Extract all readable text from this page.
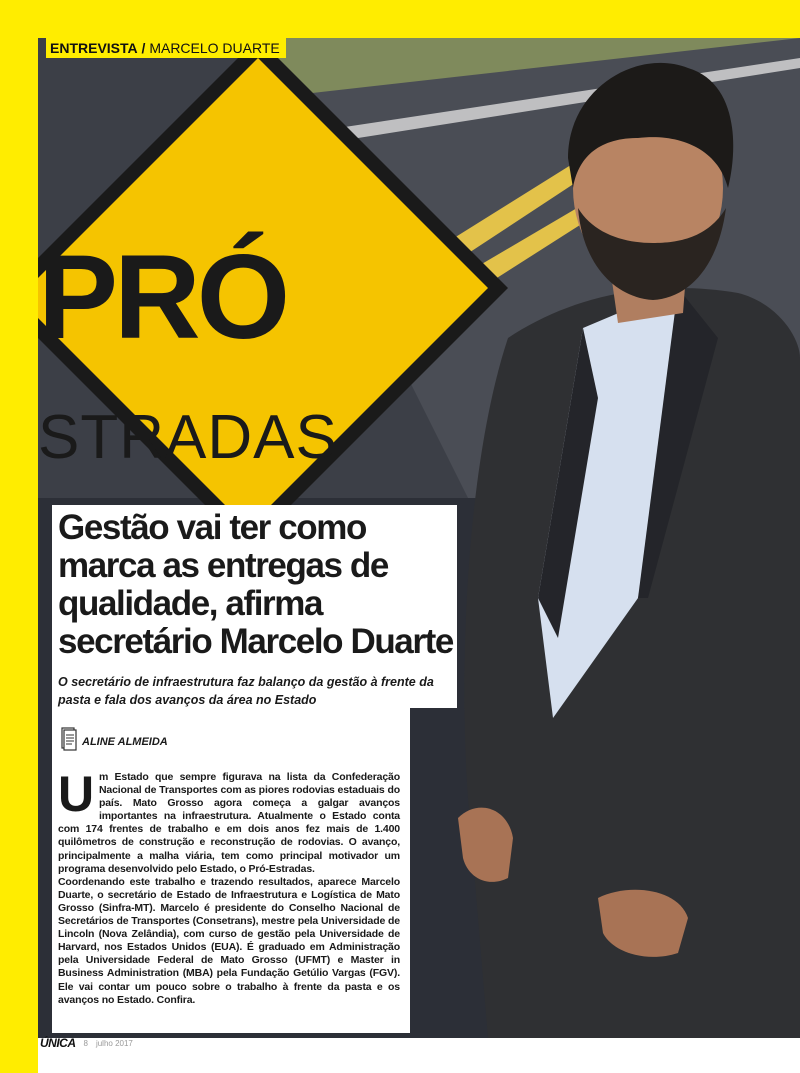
PRÓ
STRADAS
ENTREVISTA / MARCELO DUARTE
Gestão vai ter como marca as entregas de qualidade, afirma secretário Marcelo Duarte

O secretário de infraestrutura faz balanço da gestão à frente da pasta e fala dos avanços da área no Estado

ALINE ALMEIDA
U m Estado que sempre figurava na lista da Confederação Nacional de Transportes com as piores rodovias estaduais do país. Mato Grosso agora começa a galgar avanços importantes na infraestrutura. Atualmente o Estado conta com 174 frentes de trabalho e em dois anos fez mais de 1.400 quilômetros de construção e reconstrução de rodovias. O avanço, principalmente a malha viária, tem como principal motivador um programa desenvolvido pelo Estado, o Pró-Estradas.

Coordenando este trabalho e trazendo resultados, aparece Marcelo Duarte, o secretário de Estado de Infraestrutura e Logística de Mato Grosso (Sinfra-MT). Marcelo é presidente do Conselho Nacional de Secretários de Transportes (Consetrans), mestre pela Universidade de Lincoln (Nova Zelândia), com curso de gestão pela Universidade de Harvard, nos Estados Unidos (EUA). É graduado em Administração pela Universidade Federal de Mato Grosso (UFMT) e Master in Business Administration (MBA) pela Fundação Getúlio Vargas (FGV). Ele vai contar um pouco sobre o trabalho à frente da pasta e os avanços no Estado. Confira.

ÚNICA 8 julho 2017
